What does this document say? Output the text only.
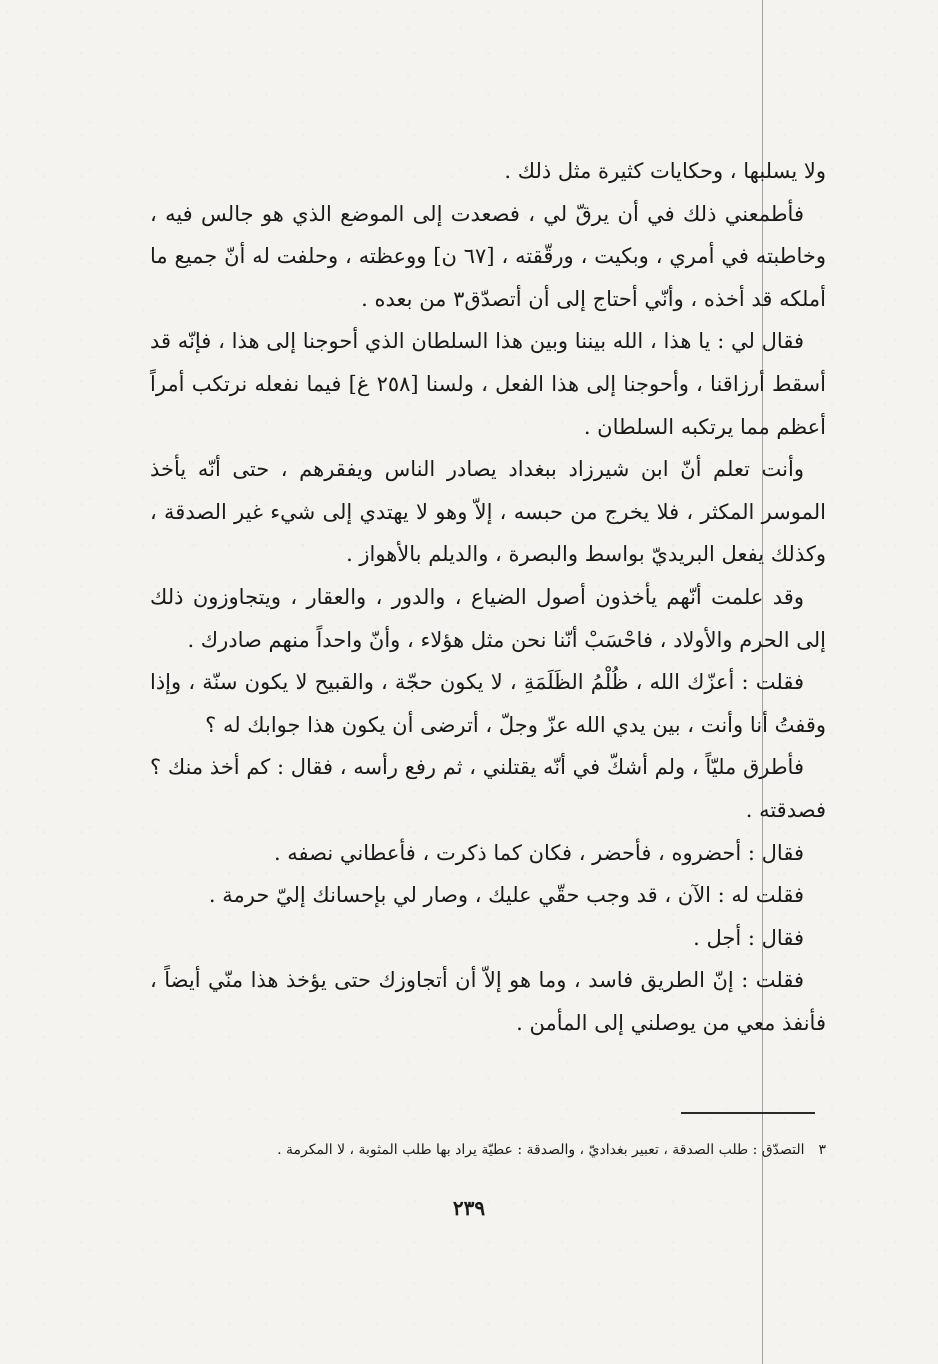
ولا يسلبها ، وحكايات كثيرة مثل ذلك .

فأطمعني ذلك في أن يرقّ لي ، فصعدت إلى الموضع الذي هو جالس فيه ، وخاطبته في أمري ، وبكيت ، ورقّقته ، [٦٧ ن] ووعظته ، وحلفت له أنّ جميع ما أملكه قد أخذه ، وأنّي أحتاج إلى أن أتصدّق٣ من بعده .

فقال لي : يا هذا ، الله بيننا وبين هذا السلطان الذي أحوجنا إلى هذا ، فإنّه قد أسقط أرزاقنا ، وأحوجنا إلى هذا الفعل ، ولسنا [٢٥٨ غ] فيما نفعله نرتكب أمراً أعظم مما يرتكبه السلطان .

وأنت تعلم أنّ ابن شيرزاد ببغداد يصادر الناس ويفقرهم ، حتى أنّه يأخذ الموسر المكثر ، فلا يخرج من حبسه ، إلاّ وهو لا يهتدي إلى شيء غير الصدقة ، وكذلك يفعل البريديّ بواسط والبصرة ، والديلم بالأهواز .

وقد علمت أنّهم يأخذون أصول الضياع ، والدور ، والعقار ، ويتجاوزون ذلك إلى الحرم والأولاد ، فاحْسَبْ أنّنا نحن مثل هؤلاء ، وأنّ واحداً منهم صادرك .

فقلت : أعزّك الله ، ظُلْمُ الظَلَمَةِ ، لا يكون حجّة ، والقبيح لا يكون سنّة ، وإذا وقفتُ أنا وأنت ، بين يدي الله عزّ وجلّ ، أترضى أن يكون هذا جوابك له ؟

فأطرق مليّاً ، ولم أشكّ في أنّه يقتلني ، ثم رفع رأسه ، فقال : كم أخذ منك ؟ فصدقته .

فقال : أحضروه ، فأحضر ، فكان كما ذكرت ، فأعطاني نصفه .

فقلت له : الآن ، قد وجب حقّي عليك ، وصار لي بإحسانك إليّ حرمة .

فقال : أجل .

فقلت : إنّ الطريق فاسد ، وما هو إلاّ أن أتجاوزك حتى يؤخذ هذا منّي أيضاً ، فأنفذ معي من يوصلني إلى المأمن .

٣التصدّق : طلب الصدقة ، تعبير بغداديّ ، والصدقة : عطيّة يراد بها طلب المثوبة ، لا المكرمة .
٢٣٩
